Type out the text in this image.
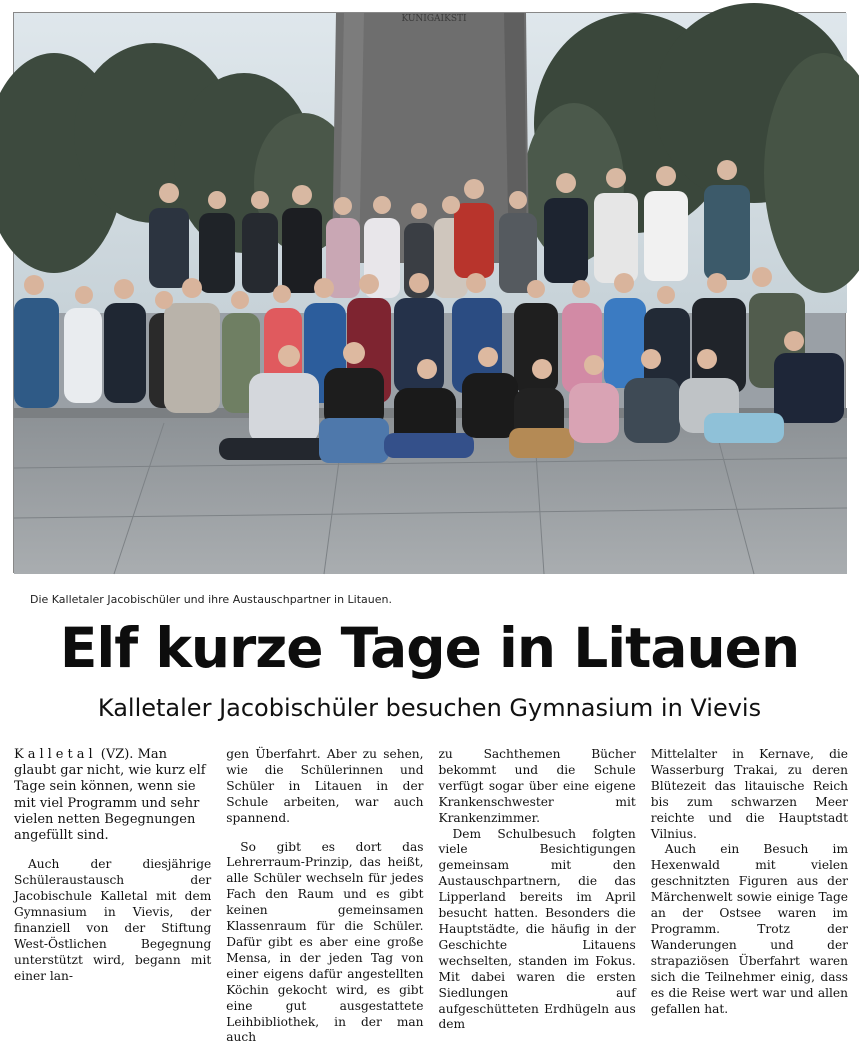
KUNIGAIKSTI
Die Kalletaler Jacobischüler und ihre Austauschpartner in Litauen.
Elf kurze Tage in Litauen
Kalletaler Jacobischüler besuchen Gymnasium in Vievis

Kalletal (VZ). Man glaubt gar nicht, wie kurz elf Tage sein können, wenn sie mit viel Programm und sehr vielen netten Begegnungen angefüllt sind.

Auch der diesjährige Schüleraustausch der Jacobischule Kalletal mit dem Gymnasium in Vievis, der finanziell von der Stiftung West-Östlichen Begegnung unterstützt wird, begann mit einer lan-

gen Überfahrt. Aber zu sehen, wie die Schülerinnen und Schüler in Litauen in der Schule arbeiten, war auch spannend.

So gibt es dort das Lehrerraum-Prinzip, das heißt, alle Schüler wechseln für jedes Fach den Raum und es gibt keinen gemeinsamen Klassenraum für die Schüler. Dafür gibt es aber eine große Mensa, in der jeden Tag von einer eigens dafür angestellten Köchin gekocht wird, es gibt eine gut ausgestattete Leihbibliothek, in der man auch

zu Sachthemen Bücher bekommt und die Schule verfügt sogar über eine eigene Krankenschwester mit Krankenzimmer.

Dem Schulbesuch folgten viele Besichtigungen gemeinsam mit den Austauschpartnern, die das Lipperland bereits im April besucht hatten. Besonders die Hauptstädte, die häufig in der Geschichte Litauens wechselten, standen im Fokus. Mit dabei waren die ersten Siedlungen auf aufgeschütteten Erdhügeln aus dem

Mittelalter in Kernave, die Wasserburg Trakai, zu deren Blütezeit das litauische Reich bis zum schwarzen Meer reichte und die Hauptstadt Vilnius.

Auch ein Besuch im Hexenwald mit vielen geschnitzten Figuren aus der Märchenwelt sowie einige Tage an der Ostsee waren im Programm. Trotz der Wanderungen und der strapaziösen Überfahrt waren sich die Teilnehmer einig, dass es die Reise wert war und allen gefallen hat.
